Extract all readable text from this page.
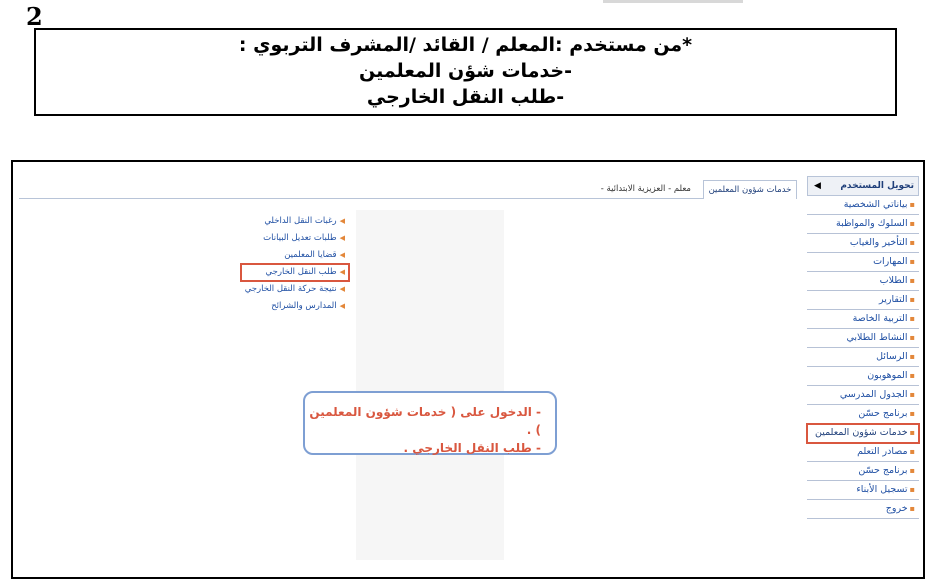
2
*من مستخدم :المعلم / القائد /المشرف التربوي :
-خدمات شؤن المعلمين
-طلب النقل الخارجي
تحويل المستخدم
◀
▪بياناتي الشخصية
▪السلوك والمواظبة
▪التأخير والغياب
▪المهارات
▪الطلاب
▪التقارير
▪التربية الخاصة
▪النشاط الطلابي
▪الرسائل
▪الموهوبون
▪الجدول المدرسي
▪برنامج حسّن
▪خدمات شؤون المعلمين
▪مصادر التعلم
▪برنامج حسّن
▪تسجيل الأبناء
▪خروج
خدمات شؤون المعلمين
معلم - العزيزية الابتدائية -
◀رغبات النقل الداخلي
◀طلبات تعديل البيانات
◀قضايا المعلمين
◀طلب النقل الخارجي
◀نتيجة حركة النقل الخارجي
◀المدارس والشرائح
- الدخول على ( خدمات شؤون المعلمين ) .
- طلب النقل الخارجي .
